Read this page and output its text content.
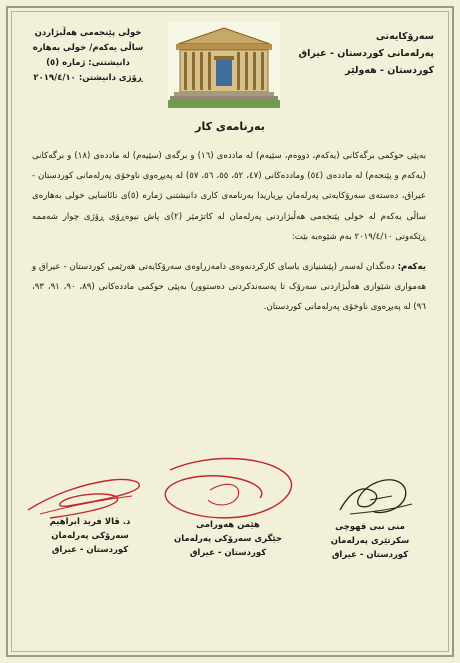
سەرۆکایەتی
پەرلەمانی کوردستان - عیراق
کوردستان - هەولێر
خولی پێنجەمی هەڵبژاردن
ساڵی یەکەم/ خولی بەهارە
دانیشتنی: ژمارە (٥)
ڕۆژی دانیشتن: ٢٠١٩/٤/١٠
بەرنامەی کار

بەپێی حوکمی برگەکانی (یەکەم، دووەم، سێیەم) لە ماددەی (١٦) و برگەی (سێیەم) لە ماددەی (١٨) و برگەکانی (یەکەم و پێنجەم) لە ماددەی (٥٤) وماددەکانی (٤٧، ٥٢، ٥٥، ٥٦، ٥٧) لە پەیڕەوی ناوخۆی پەرلەمانی کوردستان - عیراق، دەستەی سەرۆکایەتی پەرلەمان بڕیاریدا بەرنامەی کاری دانیشتنی ژمارە (٥)ی نائاسایی خولی بەهارەی ساڵی یەکەم لە خولی پێنجەمی هەڵبژاردنی پەرلەمان لە کاتژمێر (٢)ی پاش نیوەڕۆی ڕۆژی چوار شەممە ڕێکەوتی ٢٠١٩/٤/١٠ بەم شێوەیە بێت:

یەکەم: دەنگدان لەسەر (پێشنیازی یاسای کارکردنەوەی دامەزراوەی سەرۆکایەتی هەرێمی کوردستان - عیراق و هەمواری شێوازی هەڵبژاردنی سەرۆک تا پەسەندکردنی دەستوور) بەپێی حوکمی ماددەکانی (٨٩، ٩٠، ٩١، ٩٣، ٩٦) لە پەیڕەوی ناوخۆی پەرلەمانی کوردستان.

د. ڤالا فرید ابراهیم
سەرۆکی پەرلەمان
کوردستان - عیراق
هێمن هەورامی
جێگری سەرۆکی پەرلەمان
کوردستان - عیراق
منی نبی قهوچی
سکرتێری پەرلەمان
کوردستان - عیراق
